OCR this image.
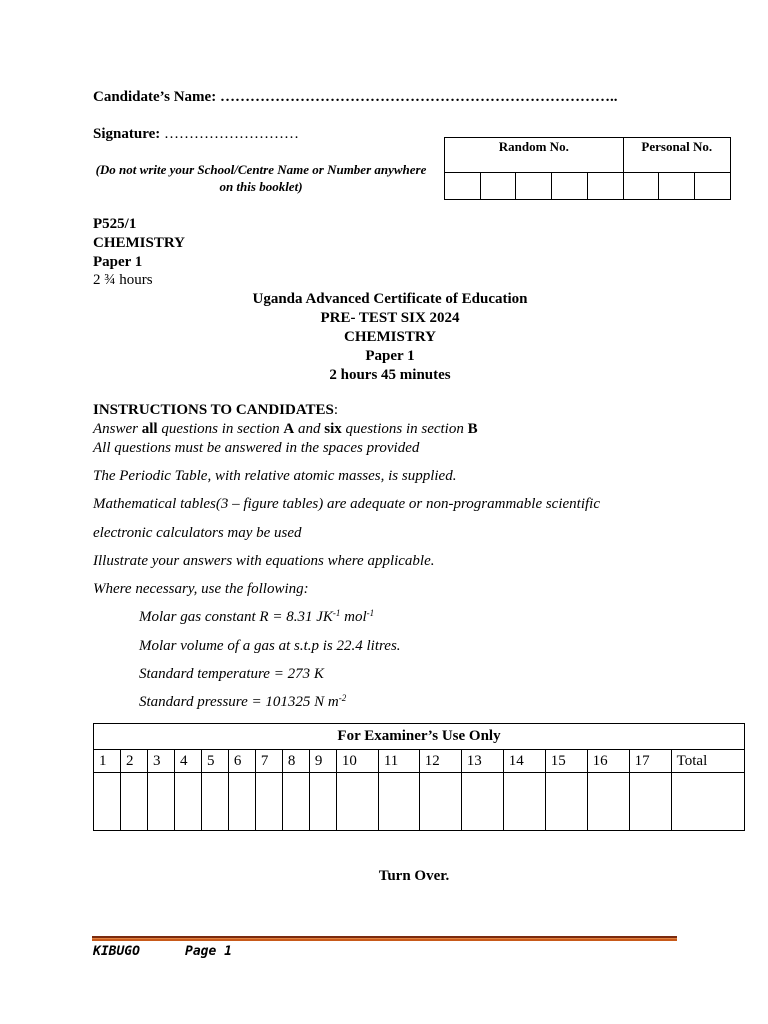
Candidate’s Name: ……………………………………………………………………..
Signature: ………………………
(Do not write your School/Centre Name or Number anywhere on this booklet)
Random No.					Personal No.		

P525/1
CHEMISTRY
Paper 1
2 ¾ hours
Uganda Advanced Certificate of Education
PRE- TEST SIX 2024
CHEMISTRY
Paper 1
2 hours 45 minutes
INSTRUCTIONS TO CANDIDATES:
Answer all questions in section A and six questions in section B
All questions must be answered in the spaces provided
The Periodic Table, with relative atomic masses, is supplied.
Mathematical tables(3 – figure tables) are adequate or non-programmable scientific
electronic calculators may be used
Illustrate your answers with equations where applicable.
Where necessary, use the following:
Molar gas constant R = 8.31 $JK^{-1}$ mol$^{-1}$
Molar volume of a gas at s.t.p is 22.4 litres.
Standard temperature = 273 K
Standard pressure = 101325 N $m^{-2}$
For Examiner’s Use Only																	
1	2	3	4	5	6	7	8	9	10	11	12	13	14	15	16	17	Total

Turn Over.
KIBUGO	Page 1
